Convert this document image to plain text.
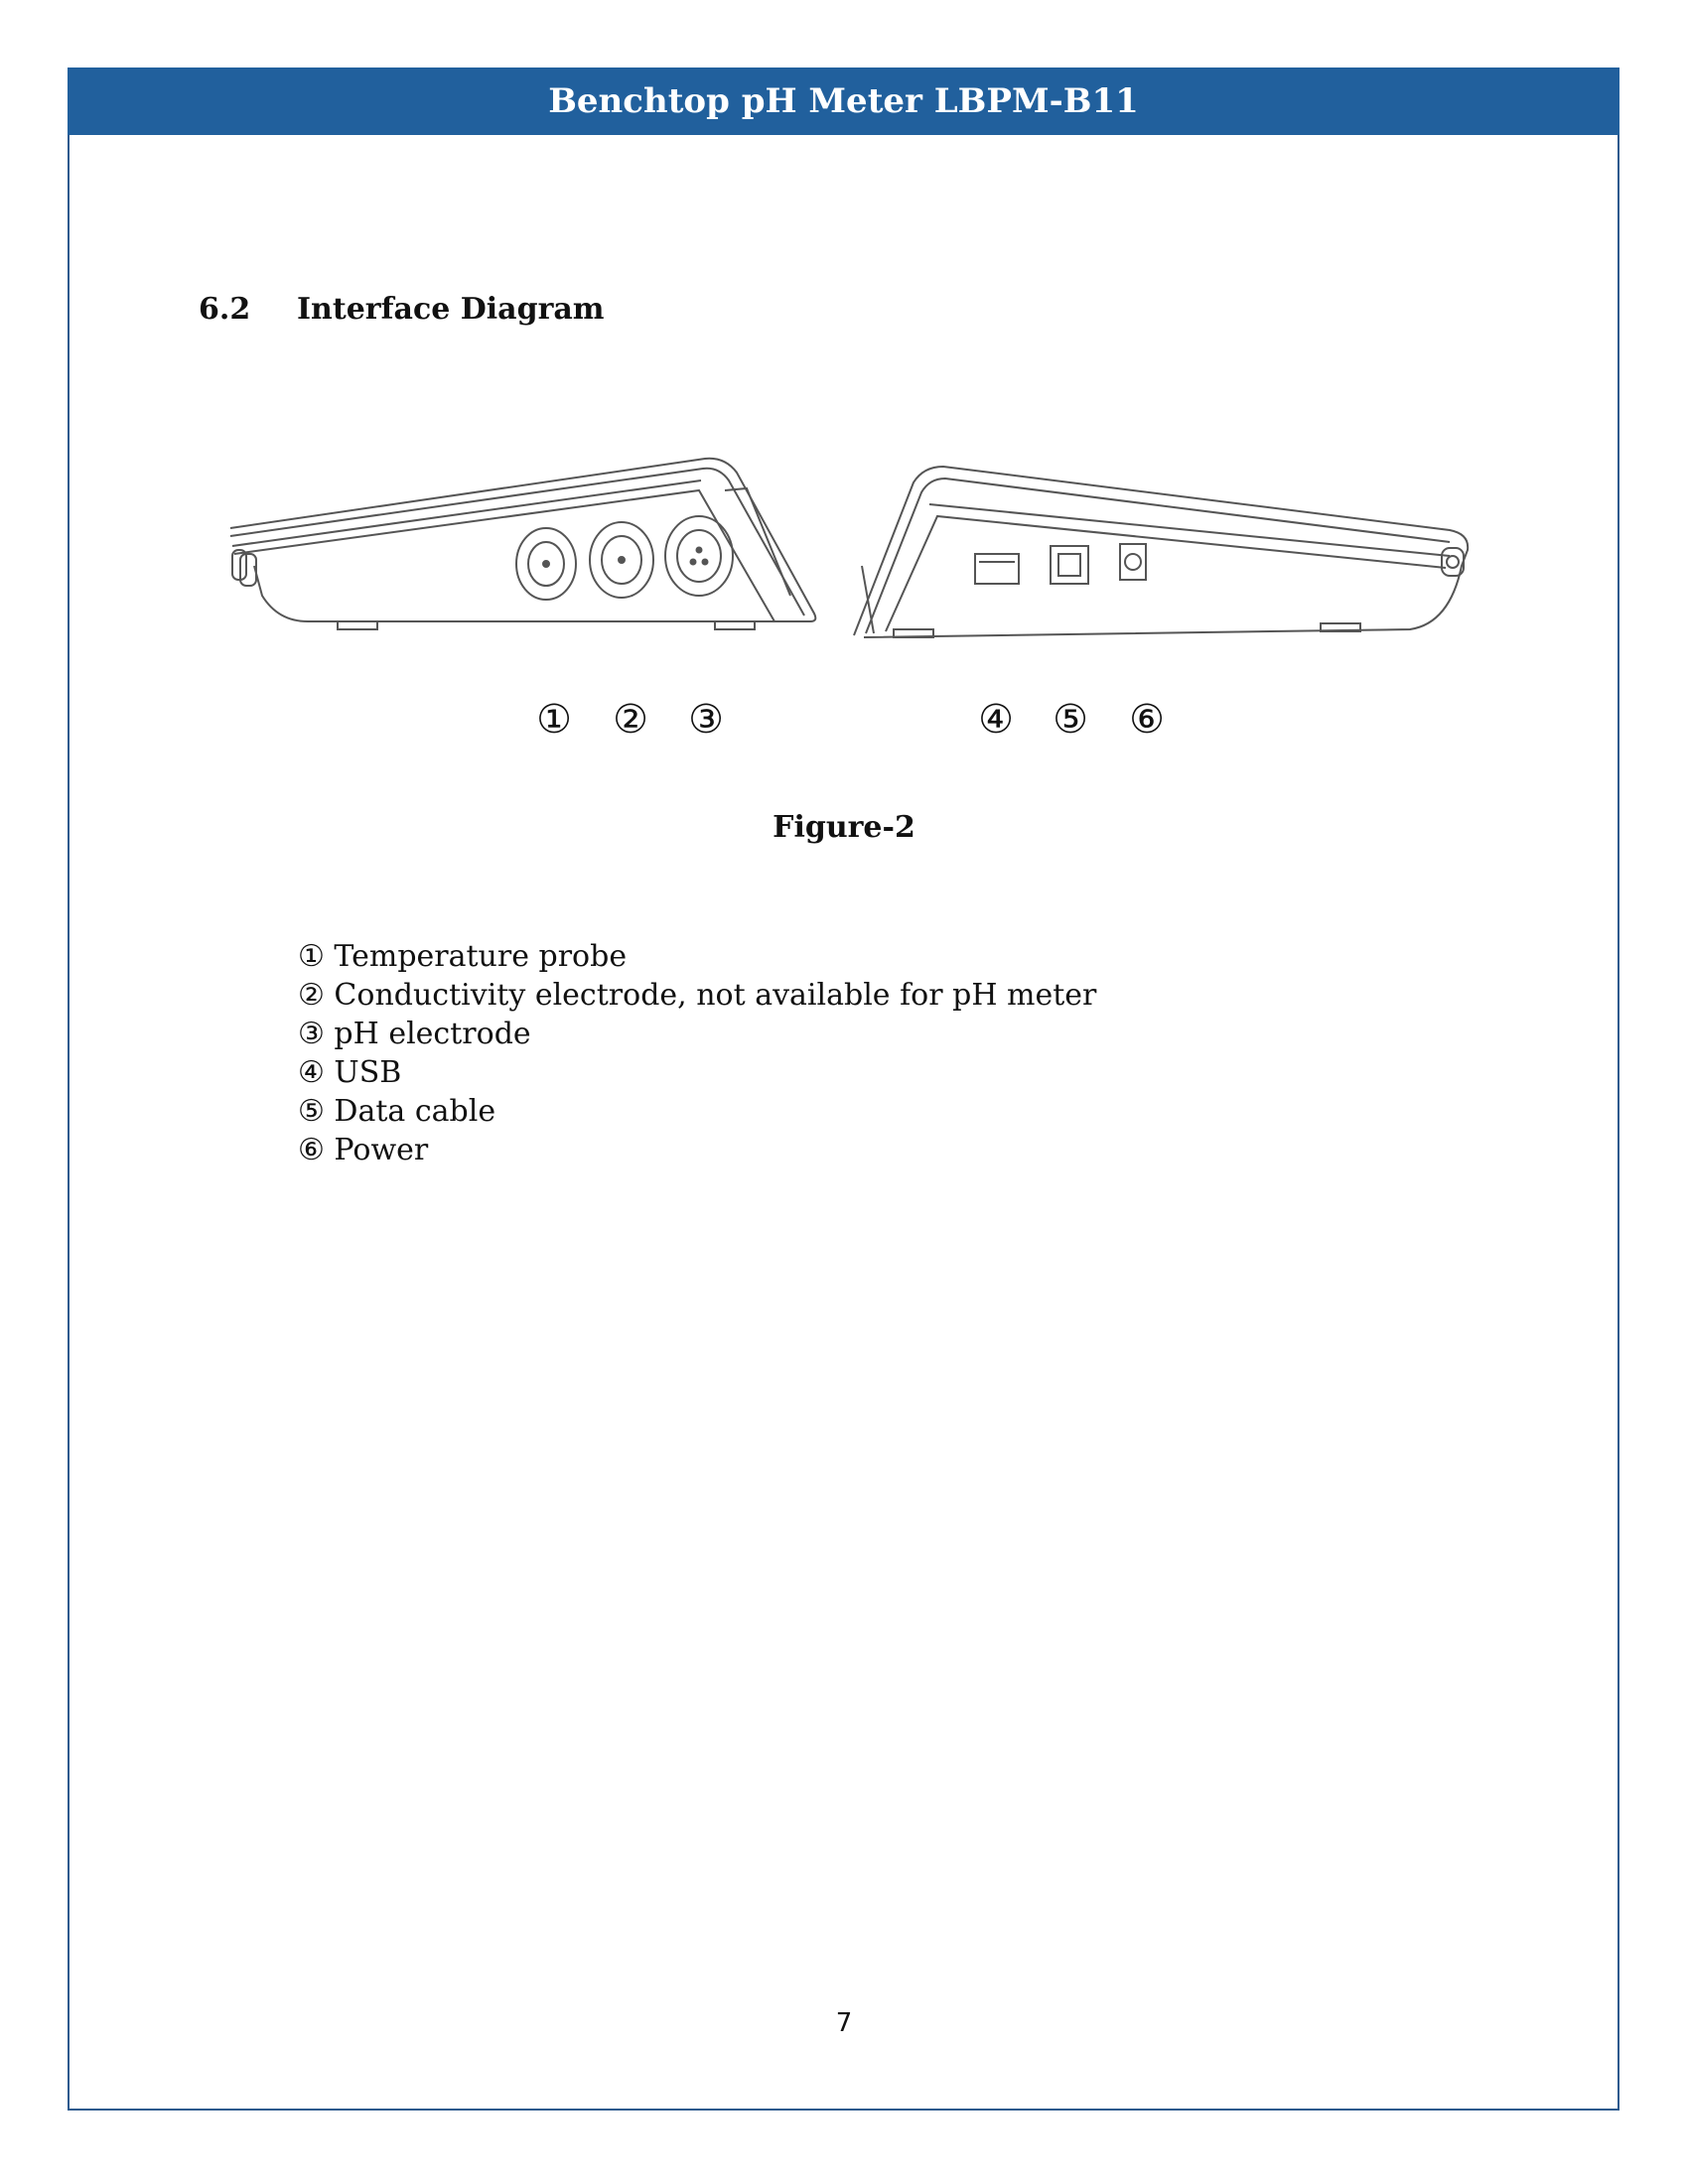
Benchtop pH Meter LBPM-B11
6.2 Interface Diagram
① ② ③	④ ⑤ ⑥
Figure-2
① Temperature probe
② Conductivity electrode, not available for pH meter
③ pH electrode
④ USB
⑤ Data cable
⑥ Power
7
